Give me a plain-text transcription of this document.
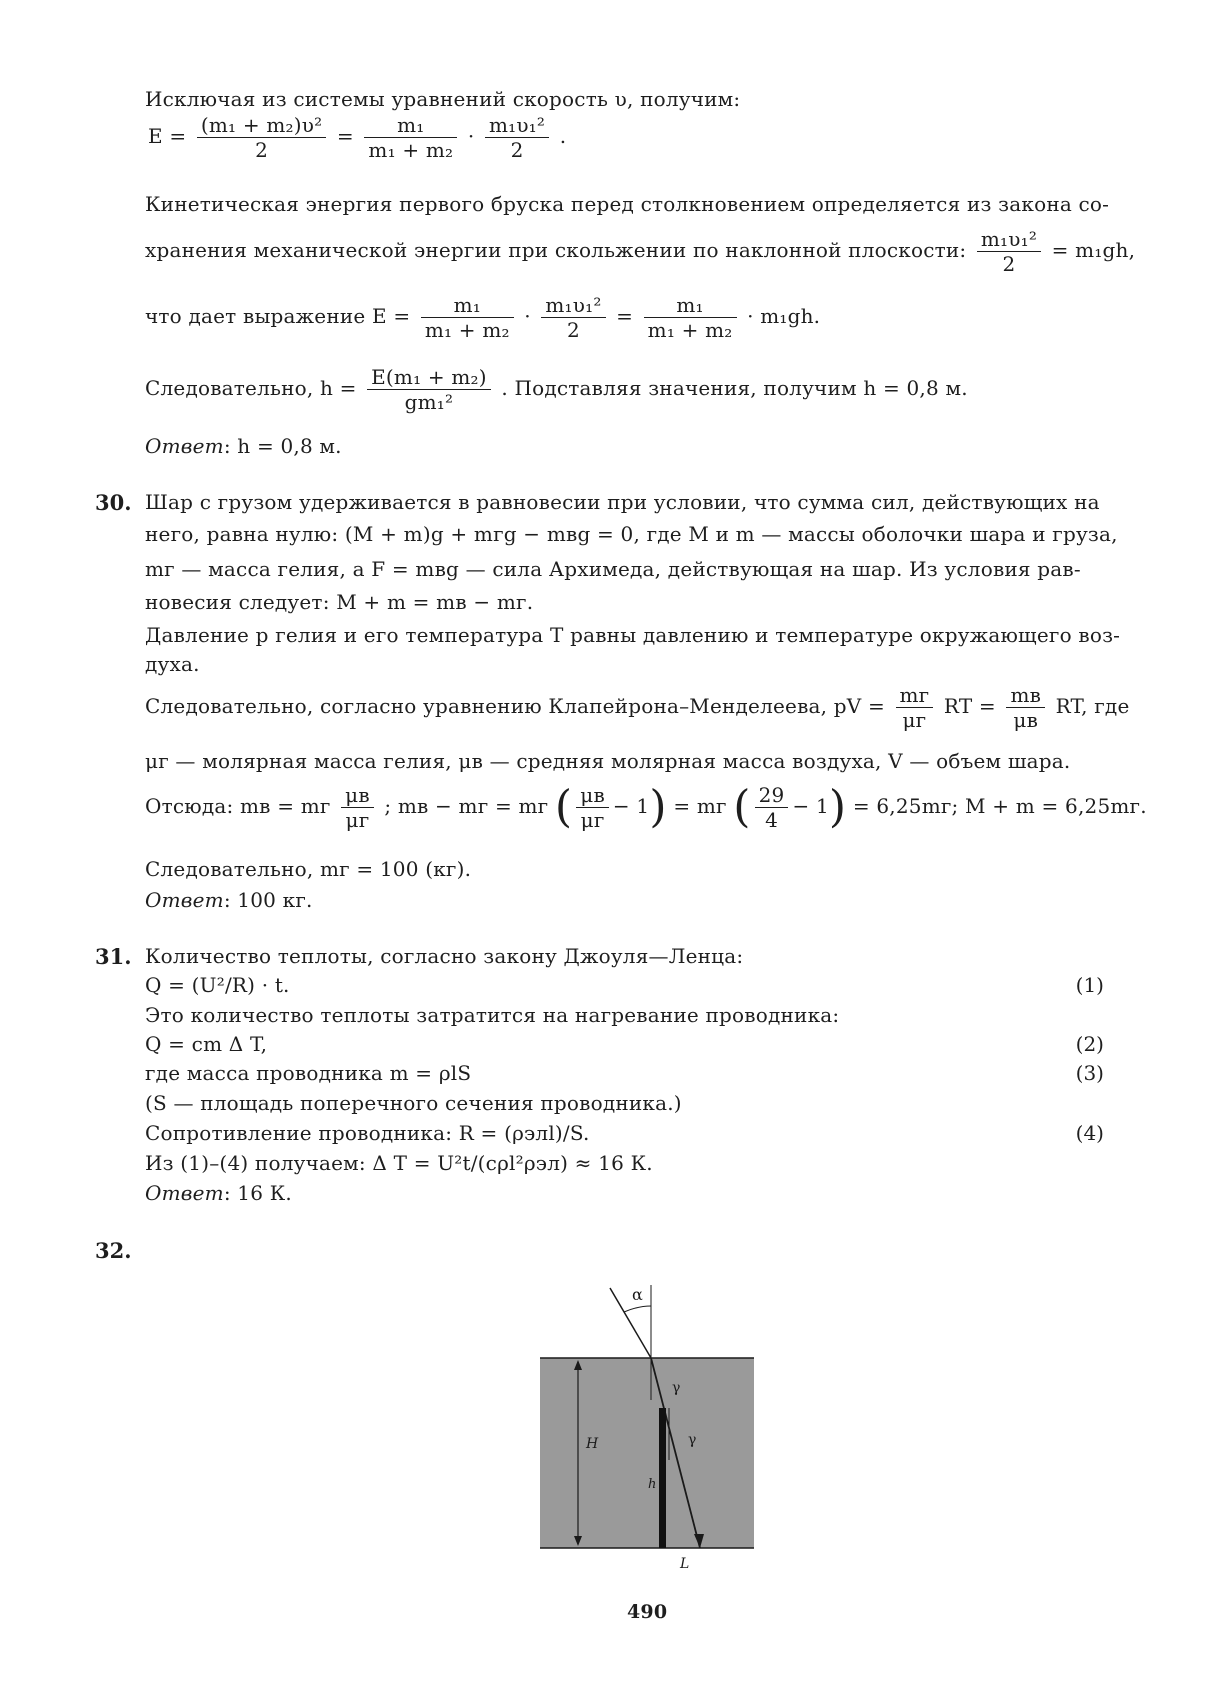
Исключая из системы уравнений скорость υ, получим:
$E = \frac{\text{(m₁ + m₂)υ²}}{2} = \frac{\text{m₁}}{\text{m₁ + m₂}} \cdot \frac{\text{m₁υ₁²}}{2}$ .
Кинетическая энергия первого бруска перед столкновением определяется из закона со-
хранения механической энергии при скольжении по наклонной плоскости: $\frac{\text{m₁υ₁²}}{2} = m_1gh$,
что дает выражение $E = \frac{\text{m₁}}{\text{m₁ + m₂}} \cdot \frac{\text{m₁υ₁²}}{2} = \frac{\text{m₁}}{\text{m₁ + m₂}} \cdot m_1gh$.
Следовательно, $h = \frac{\text{E(m₁ + m₂)}}{\text{gm₁²}}$ . Подставляя значения, получим h = 0,8 м.
Ответ: h = 0,8 м.
30. Шар с грузом удерживается в равновесии при условии, что сумма сил, действующих на
него, равна нулю: (M + m)g + mгg − mвg = 0, где M и m — массы оболочки шара и груза,
mг — масса гелия, а F = mвg — сила Архимеда, действующая на шар. Из условия рав-
новесия следует: M + m = mв − mг.
Давление p гелия и его температура T равны давлению и температуре окружающего воз-
духа.
Следовательно, согласно уравнению Клапейрона–Менделеева, pV = $\frac{mг}{\mu г}$ RT = $\frac{mв}{\mu в}$ RT, где
μг — молярная масса гелия, μв — средняя молярная масса воздуха, V — объем шара.
Отсюда: mв = mг $\frac{\mu в}{\mu г}$ ; mв − mг = mг ( $\frac{\mu в}{\mu г} - 1$) = mг ( $\frac{29}{4} - 1) = 6,25mг$; M + m = 6,25mг.
Следовательно, mг = 100 (кг).
Ответ: 100 кг.
31. Количество теплоты, согласно закону Джоуля—Ленца:
Q = (U²/R) · t.	(1)
Это количество теплоты затратится на нагревание проводника:
Q = cm Δ T,	(2)
где масса проводника m = ρlS	(3)
(S — площадь поперечного сечения проводника.)
Сопротивление проводника: R = (ρэлl)/S.	(4)
Из (1)–(4) получаем: Δ T = U²t/(cρl²ρэл) ≈ 16 К.
Ответ: 16 К.
32.
α
γ
γ
H
h
L
490
